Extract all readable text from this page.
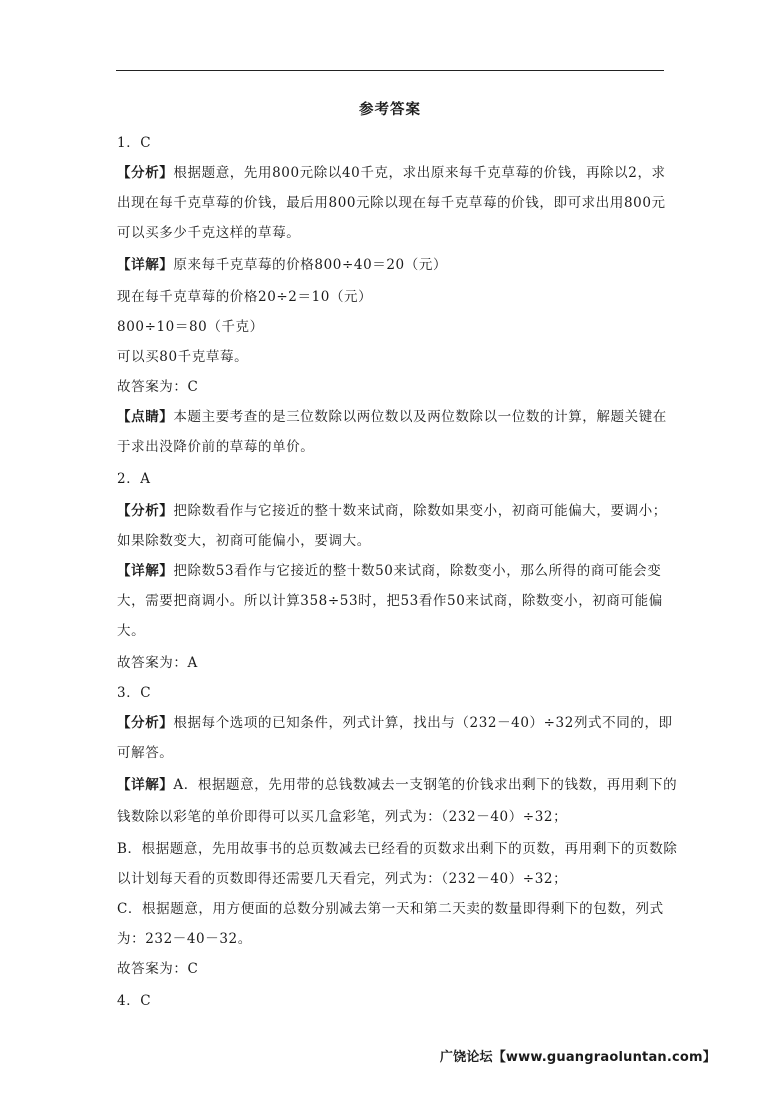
参考答案
1．C
【分析】根据题意，先用800元除以40千克，求出原来每千克草莓的价钱，再除以2，求
出现在每千克草莓的价钱，最后用800元除以现在每千克草莓的价钱，即可求出用800元
可以买多少千克这样的草莓。
【详解】原来每千克草莓的价格800÷40＝20（元）
现在每千克草莓的价格20÷2＝10（元）
800÷10＝80（千克）
可以买80千克草莓。
故答案为：C
【点睛】本题主要考查的是三位数除以两位数以及两位数除以一位数的计算，解题关键在
于求出没降价前的草莓的单价。
2．A
【分析】把除数看作与它接近的整十数来试商，除数如果变小，初商可能偏大，要调小；
如果除数变大，初商可能偏小，要调大。
【详解】把除数53看作与它接近的整十数50来试商，除数变小，那么所得的商可能会变
大，需要把商调小。所以计算358÷53时，把53看作50来试商，除数变小，初商可能偏
大。
故答案为：A
3．C
【分析】根据每个选项的已知条件，列式计算，找出与（232－40）÷32列式不同的，即
可解答。
【详解】A．根据题意，先用带的总钱数减去一支钢笔的价钱求出剩下的钱数，再用剩下的
钱数除以彩笔的单价即得可以买几盒彩笔，列式为：（232－40）÷32；
B．根据题意，先用故事书的总页数减去已经看的页数求出剩下的页数，再用剩下的页数除
以计划每天看的页数即得还需要几天看完，列式为：（232－40）÷32；
C．根据题意，用方便面的总数分别减去第一天和第二天卖的数量即得剩下的包数，列式
为：232－40－32。
故答案为：C
4．C
广饶论坛【www.guangraoluntan.com】
